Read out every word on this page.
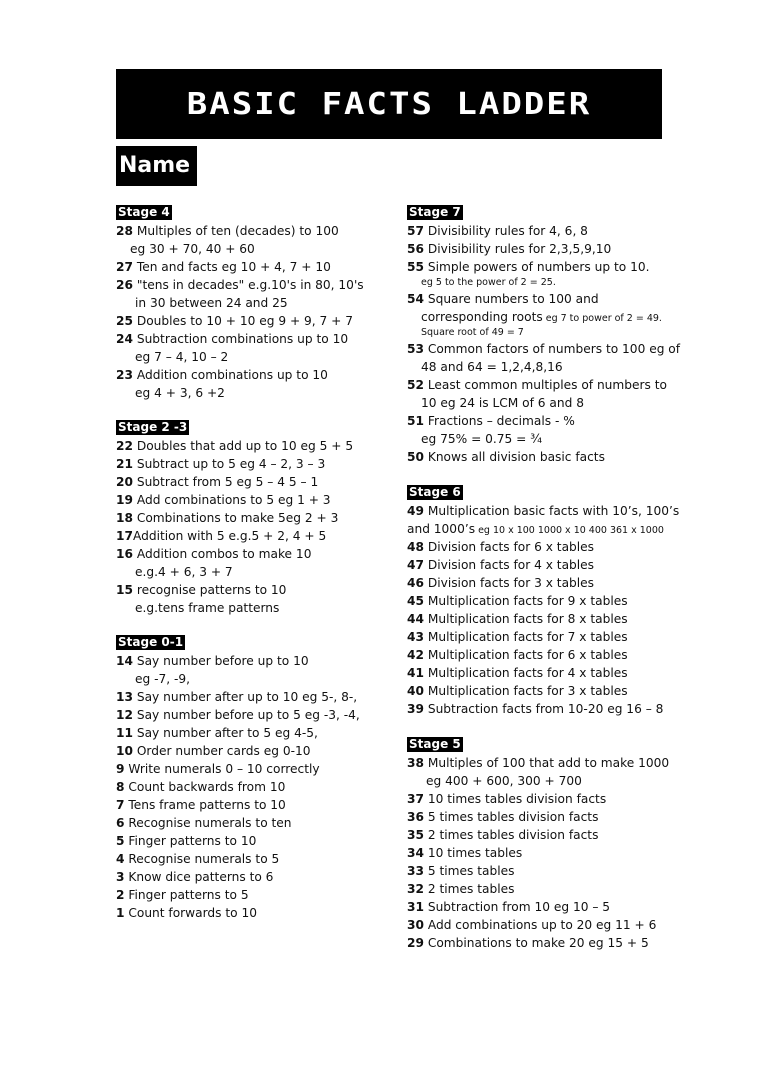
BASIC FACTS LADDER
Name
Stage 4
28 Multiples of ten (decades) to 100
eg 30 + 70, 40 + 60
27 Ten and facts eg 10 + 4, 7 + 10
26 "tens in decades" e.g.10's in 80, 10's
in 30 between 24 and 25
25 Doubles to 10 + 10 eg 9 + 9, 7 + 7
24 Subtraction combinations up to 10
eg 7 – 4, 10 – 2
23 Addition combinations up to 10
eg 4 + 3, 6 +2
Stage 2 -3
22 Doubles that add up to 10 eg 5 + 5
21 Subtract up to 5 eg 4 – 2, 3 – 3
20 Subtract from 5 eg 5 – 4 5 – 1
19 Add combinations to 5 eg 1 + 3
18 Combinations to make 5eg 2 + 3
17Addition with 5 e.g.5 + 2, 4 + 5
16 Addition combos to make 10
e.g.4 + 6, 3 + 7
15 recognise patterns to 10
e.g.tens frame patterns
Stage 0-1
14 Say number before up to 10
eg -7, -9,
13 Say number after up to 10 eg 5-, 8-,
12 Say number before up to 5 eg -3, -4,
11 Say number after to 5 eg 4-5,
10 Order number cards eg 0-10
9 Write numerals 0 – 10 correctly
8 Count backwards from 10
7 Tens frame patterns to 10
6 Recognise numerals to ten
5 Finger patterns to 10
4 Recognise numerals to 5
3 Know dice patterns to 6
2 Finger patterns to 5
1 Count forwards to 10
Stage 7
57 Divisibility rules for 4, 6, 8
56 Divisibility rules for 2,3,5,9,10
55 Simple powers of numbers up to 10.
eg 5 to the power of 2 = 25.
54 Square numbers to 100 and
corresponding roots eg 7 to power of 2 = 49.
Square root of 49 = 7
53 Common factors of numbers to 100 eg of
48 and 64 = 1,2,4,8,16
52 Least common multiples of numbers to
10 eg 24 is LCM of 6 and 8
51 Fractions – decimals - %
eg 75% = 0.75 = ¾
50 Knows all division basic facts
Stage 6
49 Multiplication basic facts with 10’s, 100’s
and 1000’s eg 10 x 100 1000 x 10 400 361 x 1000
48 Division facts for 6 x tables
47 Division facts for 4 x tables
46 Division facts for 3 x tables
45 Multiplication facts for 9 x tables
44 Multiplication facts for 8 x tables
43 Multiplication facts for 7 x tables
42 Multiplication facts for 6 x tables
41 Multiplication facts for 4 x tables
40 Multiplication facts for 3 x tables
39 Subtraction facts from 10-20 eg 16 – 8
Stage 5
38 Multiples of 100 that add to make 1000
eg 400 + 600, 300 + 700
37 10 times tables division facts
36 5 times tables division facts
35 2 times tables division facts
34 10 times tables
33 5 times tables
32 2 times tables
31 Subtraction from 10 eg 10 – 5
30 Add combinations up to 20 eg 11 + 6
29 Combinations to make 20 eg 15 + 5
